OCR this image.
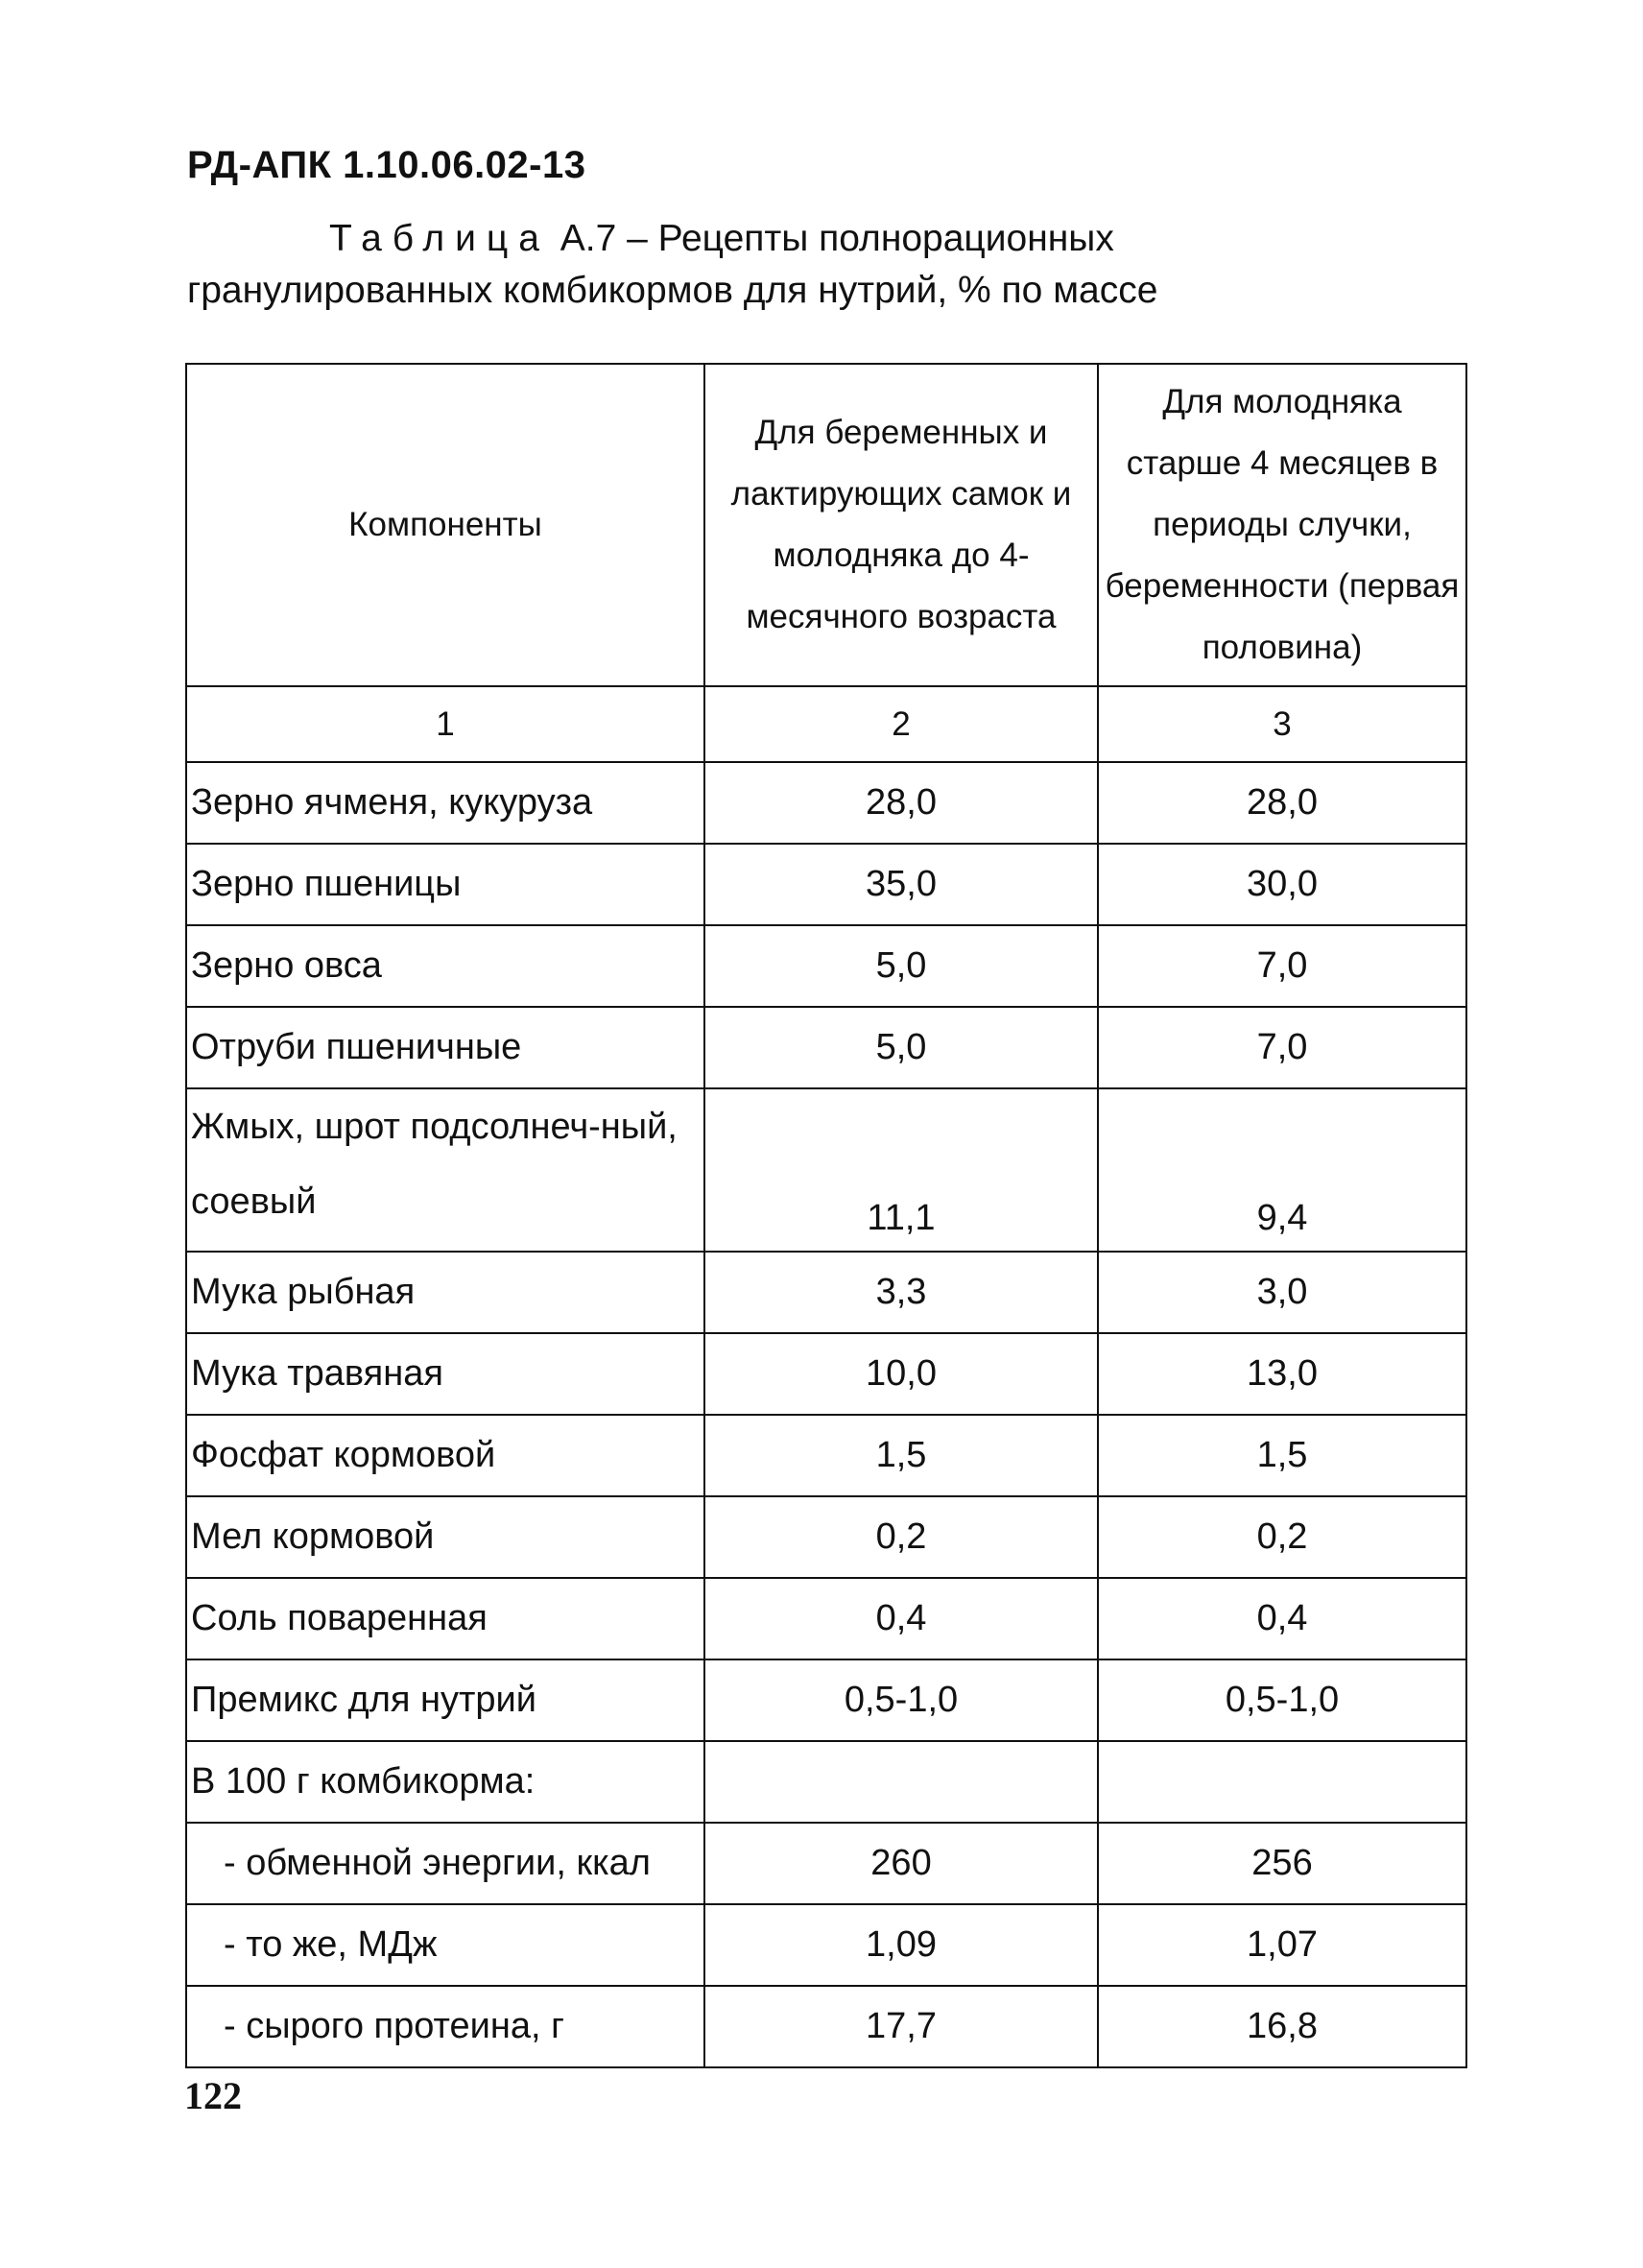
РД-АПК 1.10.06.02-13
Таблица А.7 – Рецепты полнорационных
гранулированных комбикормов для нутрий, % по массе
Компоненты	Для беременных и лактирующих самок и молодняка до 4-месячного возраста	Для молодняка старше 4 месяцев в периоды случки, беременности (первая половина)
1	2	3
Зерно ячменя, кукуруза	28,0	28,0
Зерно пшеницы	35,0	30,0
Зерно овса	5,0	7,0
Отруби пшеничные	5,0	7,0
Жмых, шрот подсолнеч-ный, соевый	11,1	9,4
Мука рыбная	3,3	3,0
Мука травяная	10,0	13,0
Фосфат кормовой	1,5	1,5
Мел кормовой	0,2	0,2
Соль поваренная	0,4	0,4
Премикс для нутрий	0,5-1,0	0,5-1,0
В 100 г комбикорма:		
- обменной энергии, ккал	260	256
- то же, МДж	1,09	1,07
- сырого протеина, г	17,7	16,8
122
